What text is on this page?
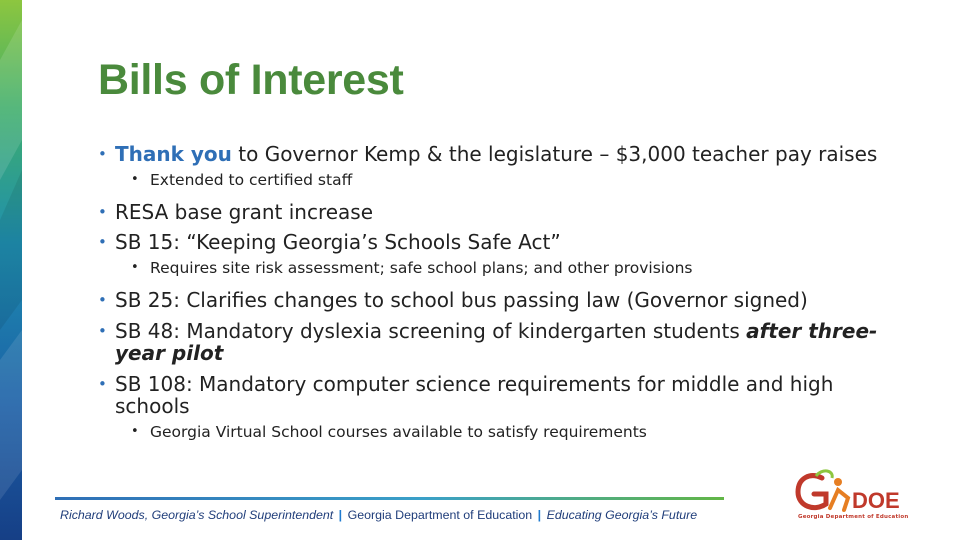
Bills of Interest
• Thank you to Governor Kemp & the legislature – $3,000 teacher pay raises
• Extended to certified staff
• RESA base grant increase
• SB 15: “Keeping Georgia’s Schools Safe Act”
• Requires site risk assessment; safe school plans; and other provisions
• SB 25: Clarifies changes to school bus passing law (Governor signed)
• SB 48: Mandatory dyslexia screening of kindergarten students after three-year pilot
• SB 108: Mandatory computer science requirements for middle and high schools
• Georgia Virtual School courses available to satisfy requirements
Richard Woods, Georgia’s School Superintendent | Georgia Department of Education | Educating Georgia’s Future
DOE
Georgia Department of Education
